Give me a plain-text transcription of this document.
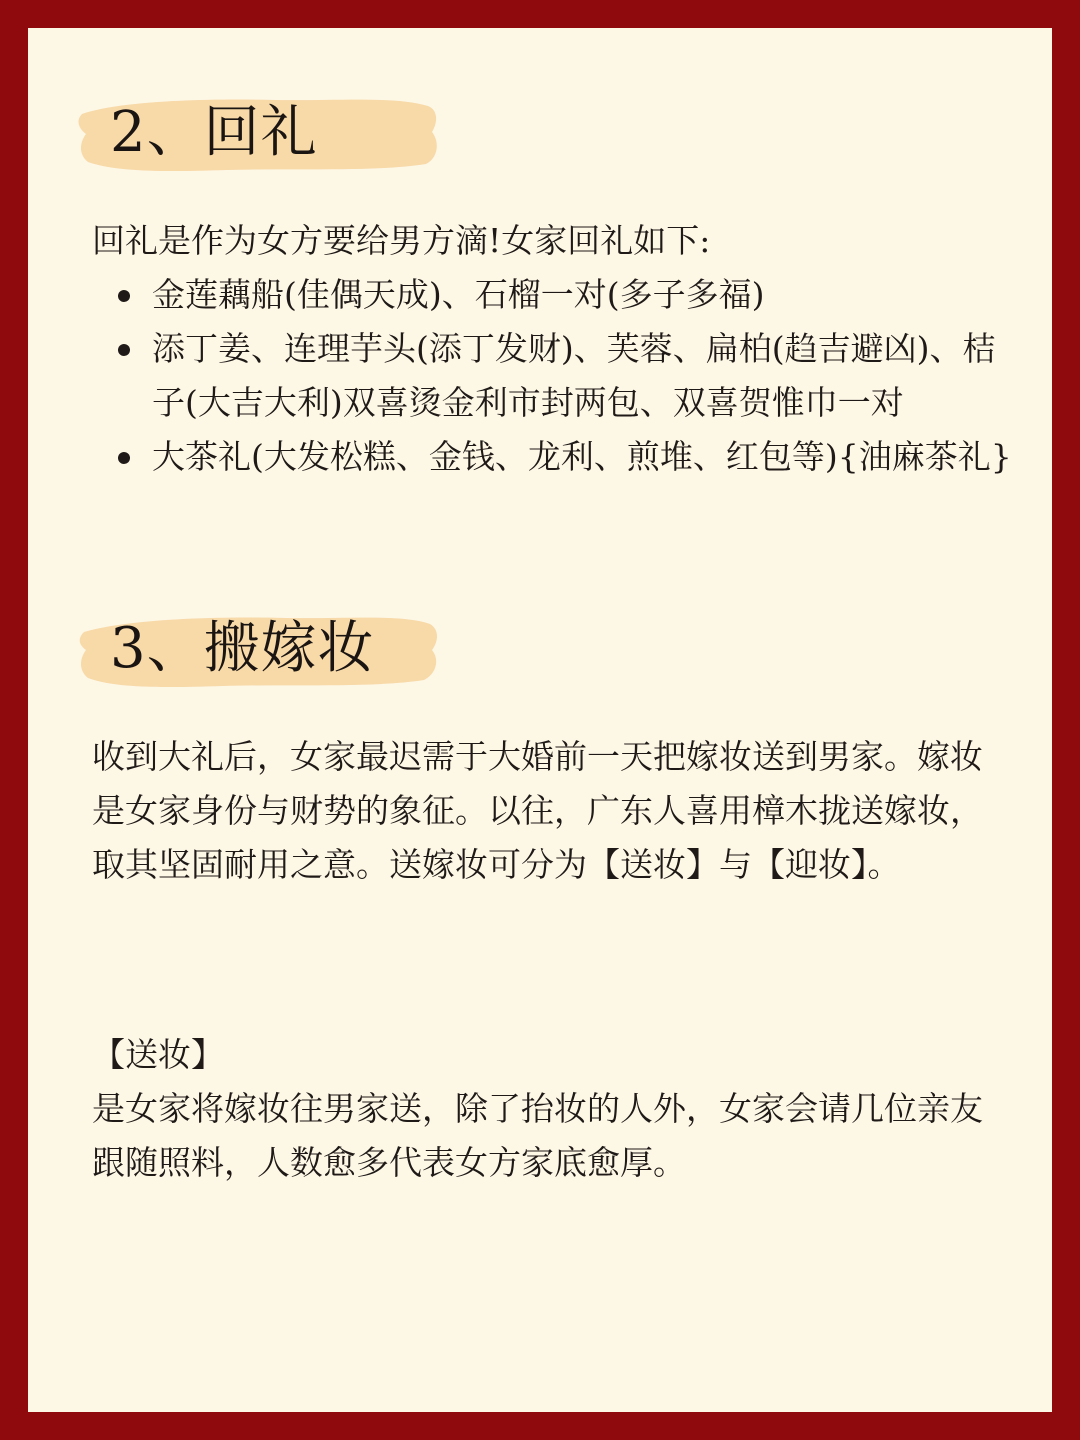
2、回礼

回礼是作为女方要给男方滴!女家回礼如下:

金莲藕船(佳偶天成)、石榴一对(多子多福)
添丁姜、连理芋头(添丁发财)、芙蓉、扁柏(趋吉避凶)、桔子(大吉大利)双喜烫金利市封两包、双喜贺惟巾一对
大茶礼(大发松糕、金钱、龙利、煎堆、红包等){油麻茶礼}
3、搬嫁妆

收到大礼后，女家最迟需于大婚前一天把嫁妆送到男家。嫁妆是女家身份与财势的象征。以往，广东人喜用樟木拢送嫁妆，取其坚固耐用之意。送嫁妆可分为【送妆】与【迎妆】。

【送妆】

是女家将嫁妆往男家送，除了抬妆的人外，女家会请几位亲友跟随照料，人数愈多代表女方家底愈厚。
